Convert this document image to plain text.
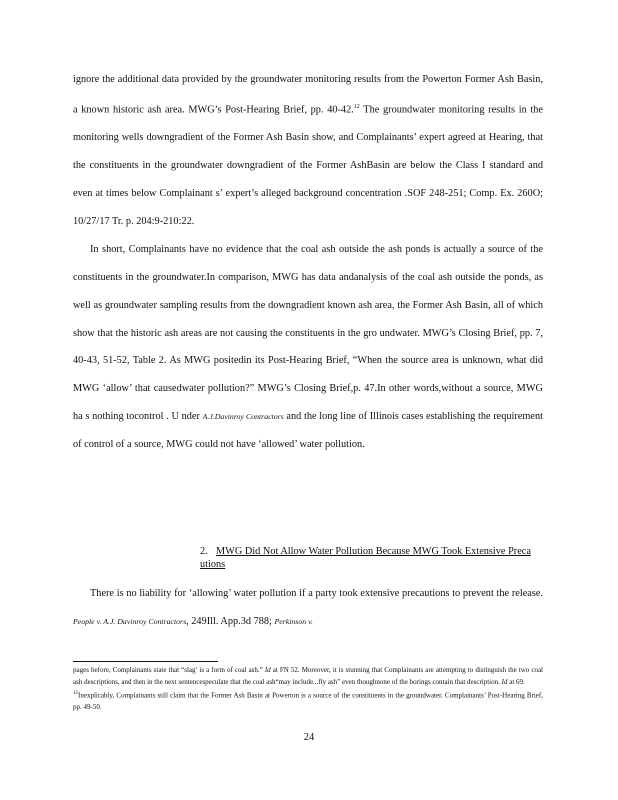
ignore the additional data provided by the groundwater monitoring results from the Powerton Former Ash Basin, a known historic ash area. MWG’s Post-Hearing Brief, pp. 40-42.12 The groundwater monitoring results in the monitoring wells downgradient of the Former Ash Basin show, and Complainants’ expert agreed at Hearing, that the constituents in the groundwater downgradient of the Former AshBasin are below the Class I standard and even at times below Complainant s’ expert’s alleged background concentration .SOF 248-251; Comp. Ex. 260O; 10/27/17 Tr. p. 204:9-210:22.

In short, Complainants have no evidence that the coal ash outside the ash ponds is actually a source of the constituents in the groundwater.In comparison, MWG has data andanalysis of the coal ash outside the ponds, as well as groundwater sampling results from the downgradient known ash area, the Former Ash Basin, all of which show that the historic ash areas are not causing the constituents in the gro undwater. MWG’s Closing Brief, pp. 7, 40-43, 51-52, Table 2. As MWG positedin its Post-Hearing Brief, “When the source area is unknown, what did MWG ‘allow’ that causedwater pollution?” MWG’s Closing Brief,p. 47.In other words,without a source, MWG ha s nothing tocontrol . U nder A.J.Davinroy Contractors and the long line of Illinois cases establishing the requirement of control of a source, MWG could not have ‘allowed’ water pollution.

2. MWG Did Not Allow Water Pollution Because MWG Took Extensive Preca utions

There is no liability for ‘allowing’ water pollution if a party took extensive precautions to prevent the release. People v. A.J. Davinroy Contractors, 249Ill. App.3d 788; Perkinson v.

pages before, Complainants state that “slag’ is a form of coal ash.” Id at FN 52. Moreover, it is stunning that Complainants are attempting to distinguish the two coal ash descriptions, and then in the next sentencespeculate that the coal ash“may include...fly ash” even thoughnone of the borings contain that description. Id at 69.

$^{12}$Inexplicably, Complainants still claim that the Former Ash Basin at Powerton is a source of the constituents in the groundwater. Complainants’ Post-Hearing Brief, pp. 49-50.

24
